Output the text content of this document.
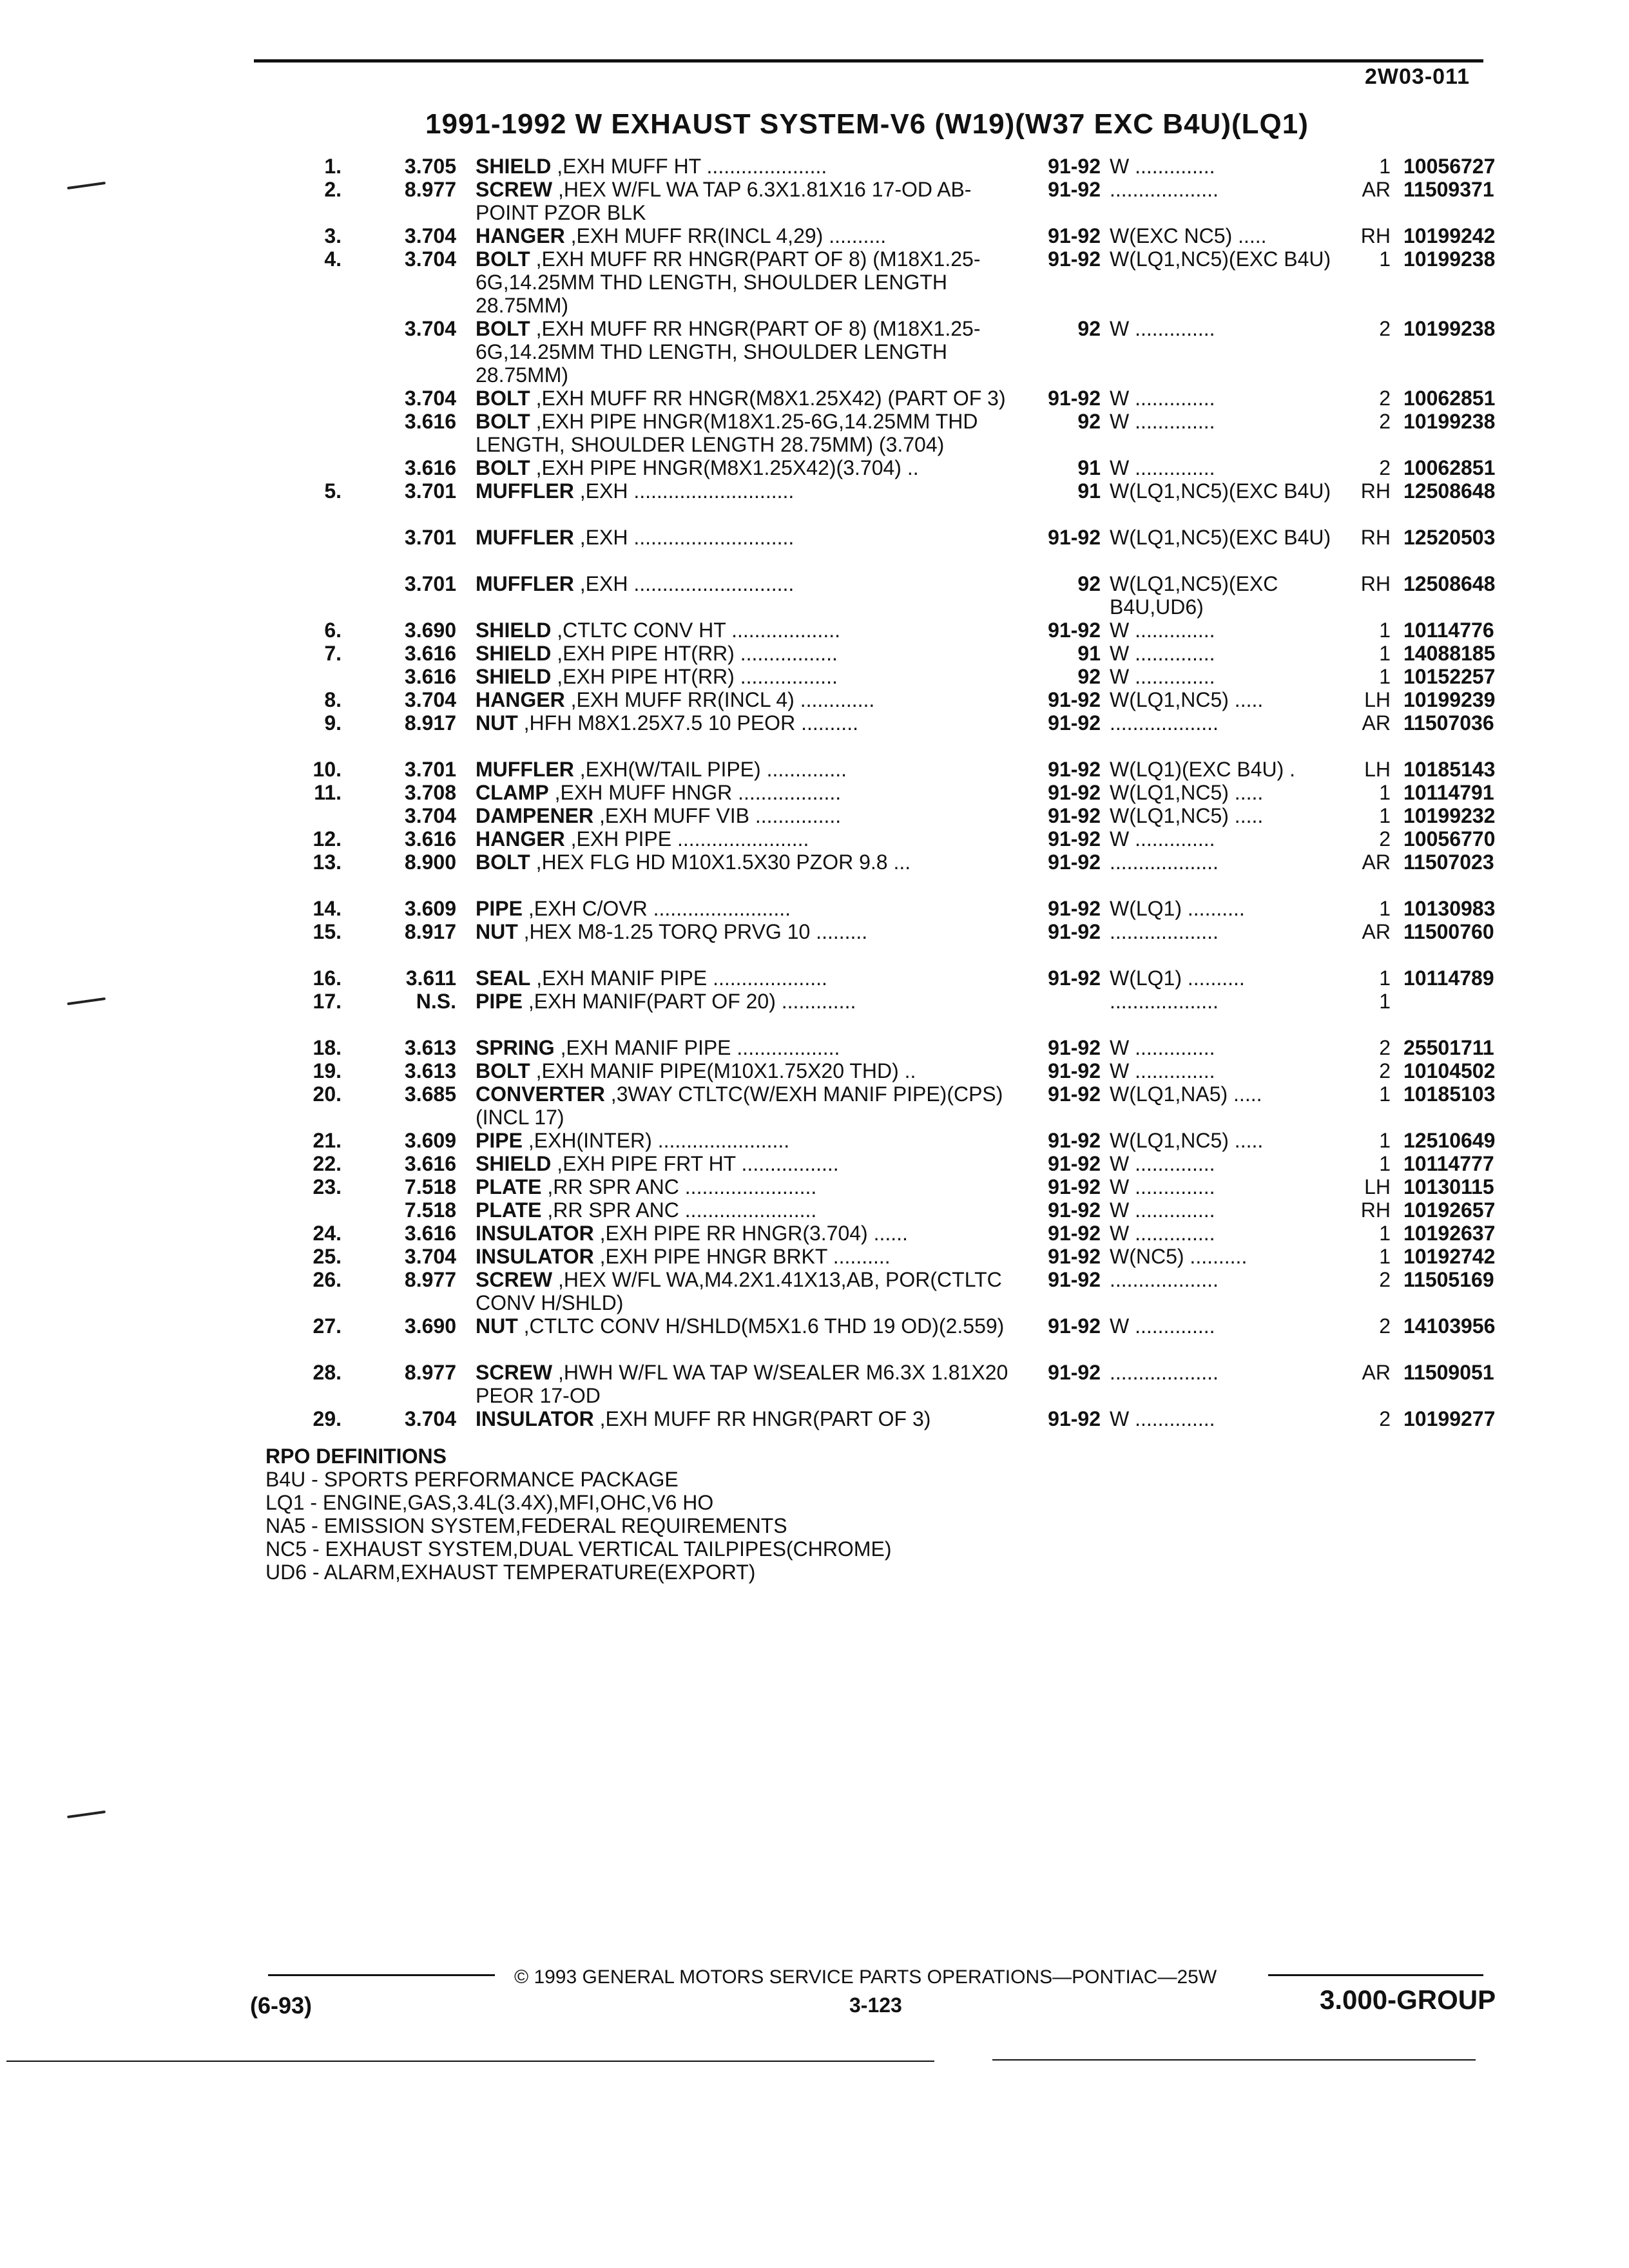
2W03-011
1991-1992 W EXHAUST SYSTEM-V6 (W19)(W37 EXC B4U)(LQ1)
1.	3.705 SHIELD ,EXH MUFF HT .....................	91-92 W ..............	1 10056727
2.	8.977 SCREW ,HEX W/FL WA TAP 6.3X1.81X16 17-OD AB-POINT PZOR BLK
91-92 ...................	AR 11509371
3.	3.704 HANGER ,EXH MUFF RR(INCL 4,29) ..........	91-92 W(EXC NC5) .....	RH 10199242
4.	3.704 BOLT ,EXH MUFF RR HNGR(PART OF 8) (M18X1.25-6G,14.25MM THD LENGTH, SHOULDER LENGTH 28.75MM)
91-92 W(LQ1,NC5)(EXC B4U)	1 10199238
3.704 BOLT ,EXH MUFF RR HNGR(PART OF 8) (M18X1.25-6G,14.25MM THD LENGTH, SHOULDER LENGTH 28.75MM)
92 W ..............	2 10199238
3.704 BOLT ,EXH MUFF RR HNGR(M8X1.25X42) (PART OF 3)	91-92 W ..............	2 10062851
3.616 BOLT ,EXH PIPE HNGR(M18X1.25-6G,14.25MM THD LENGTH, SHOULDER LENGTH 28.75MM) (3.704)
92 W ..............	2 10199238
3.616 BOLT ,EXH PIPE HNGR(M8X1.25X42)(3.704) ..	91 W ..............	2 10062851
5.	3.701 MUFFLER ,EXH ............................	91 W(LQ1,NC5)(EXC B4U)	RH 12508648
3.701 MUFFLER ,EXH ............................	91-92 W(LQ1,NC5)(EXC B4U)	RH 12520503
3.701 MUFFLER ,EXH ............................	92 W(LQ1,NC5)(EXC B4U,UD6)
RH 12508648
6.	3.690 SHIELD ,CTLTC CONV HT ...................	91-92 W ..............	1 10114776
7.	3.616 SHIELD ,EXH PIPE HT(RR) .................	91 W ..............	1 14088185
3.616 SHIELD ,EXH PIPE HT(RR) .................	92 W ..............	1 10152257
8.	3.704 HANGER ,EXH MUFF RR(INCL 4) .............	91-92 W(LQ1,NC5) .....	LH 10199239
9.	8.917 NUT ,HFH M8X1.25X7.5 10 PEOR ..........	91-92 ...................	AR 11507036
10.	3.701 MUFFLER ,EXH(W/TAIL PIPE) ..............	91-92 W(LQ1)(EXC B4U) .	LH 10185143
11.	3.708 CLAMP ,EXH MUFF HNGR ..................	91-92 W(LQ1,NC5) .....	1 10114791
3.704 DAMPENER ,EXH MUFF VIB ...............	91-92 W(LQ1,NC5) .....	1 10199232
12.	3.616 HANGER ,EXH PIPE .......................	91-92 W ..............	2 10056770
13.	8.900 BOLT ,HEX FLG HD M10X1.5X30 PZOR 9.8 ...	91-92 ...................	AR 11507023
14.	3.609 PIPE ,EXH C/OVR ........................	91-92 W(LQ1) ..........	1 10130983
15.	8.917 NUT ,HEX M8-1.25 TORQ PRVG 10 .........	91-92 ...................	AR 11500760
16.	3.611 SEAL ,EXH MANIF PIPE ....................	91-92 W(LQ1) ..........	1 10114789
17.	N.S. PIPE ,EXH MANIF(PART OF 20) .............	...................	1
18.	3.613 SPRING ,EXH MANIF PIPE ..................	91-92 W ..............	2 25501711
19.	3.613 BOLT ,EXH MANIF PIPE(M10X1.75X20 THD) ..	91-92 W ..............	2 10104502
20.	3.685 CONVERTER ,3WAY CTLTC(W/EXH MANIF PIPE)(CPS)(INCL 17)
91-92 W(LQ1,NA5) .....	1 10185103
21.	3.609 PIPE ,EXH(INTER) .......................	91-92 W(LQ1,NC5) .....	1 12510649
22.	3.616 SHIELD ,EXH PIPE FRT HT .................	91-92 W ..............	1 10114777
23.	7.518 PLATE ,RR SPR ANC .......................	91-92 W ..............	LH 10130115
7.518 PLATE ,RR SPR ANC .......................	91-92 W ..............	RH 10192657
24.	3.616 INSULATOR ,EXH PIPE RR HNGR(3.704) ......	91-92 W ..............	1 10192637
25.	3.704 INSULATOR ,EXH PIPE HNGR BRKT ..........	91-92 W(NC5) ..........	1 10192742
26.	8.977 SCREW ,HEX W/FL WA,M4.2X1.41X13,AB, POR(CTLTC CONV H/SHLD)
91-92 ...................	2 11505169
27.	3.690 NUT ,CTLTC CONV H/SHLD(M5X1.6 THD 19 OD)(2.559)	91-92 W ..............	2 14103956
28.	8.977 SCREW ,HWH W/FL WA TAP W/SEALER M6.3X 1.81X20 PEOR 17-OD
91-92 ...................	AR 11509051
29.	3.704 INSULATOR ,EXH MUFF RR HNGR(PART OF 3)	91-92 W ..............	2 10199277
RPO DEFINITIONS
B4U - SPORTS PERFORMANCE PACKAGE
LQ1 - ENGINE,GAS,3.4L(3.4X),MFI,OHC,V6 HO
NA5 - EMISSION SYSTEM,FEDERAL REQUIREMENTS
NC5 - EXHAUST SYSTEM,DUAL VERTICAL TAILPIPES(CHROME)
UD6 - ALARM,EXHAUST TEMPERATURE(EXPORT)
© 1993 GENERAL MOTORS SERVICE PARTS OPERATIONS—PONTIAC—25W
(6-93)	3-123	3.000-GROUP
